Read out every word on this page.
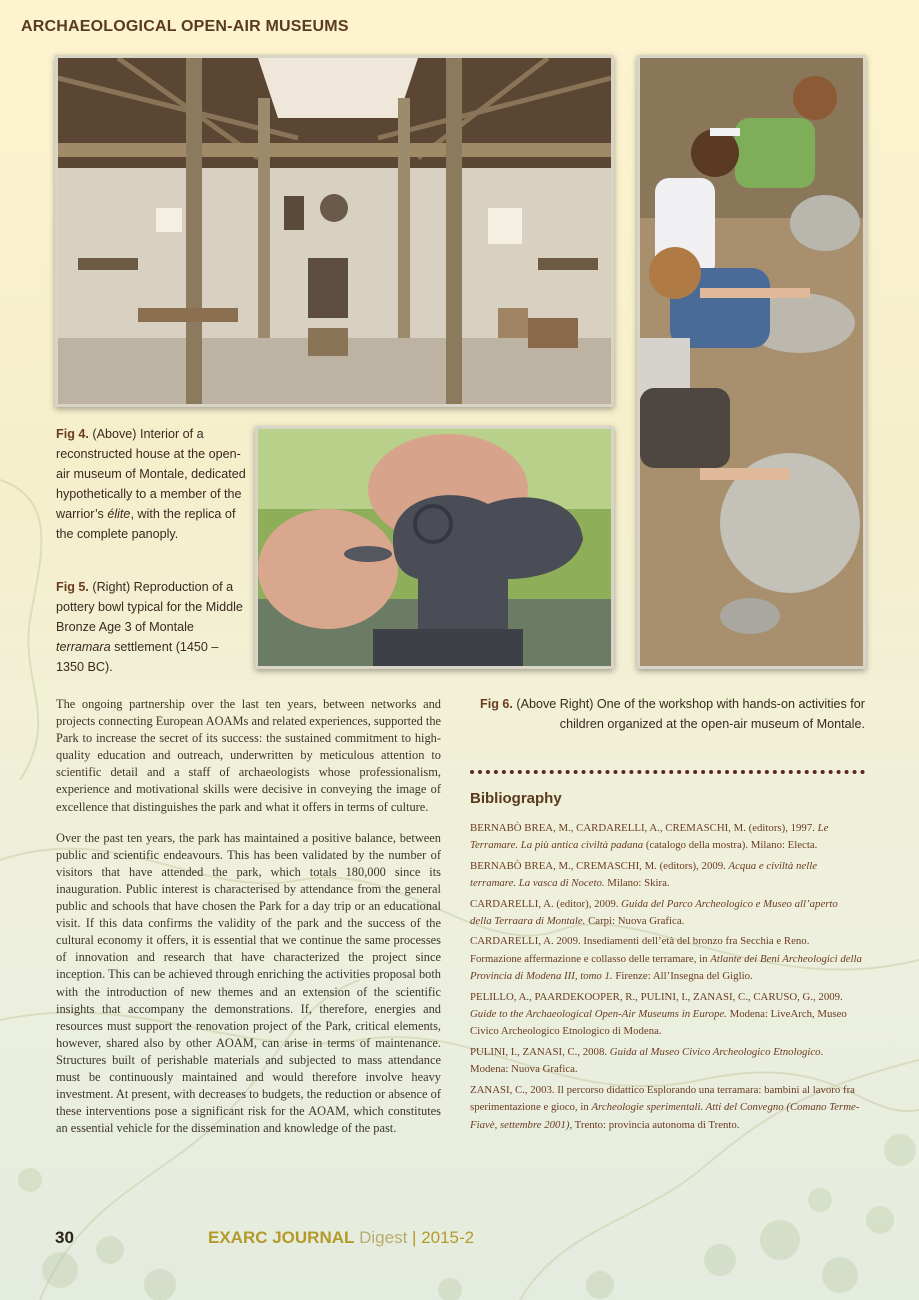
ARCHAEOLOGICAL OPEN-AIR MUSEUMS
Fig 4. (Above) Interior of a reconstructed house at the open-air museum of Montale, dedicated hypothetically to a member of the warrior’s élite, with the replica of the complete panoply.
Fig 5. (Right) Reproduction of a pottery bowl typical for the Middle Bronze Age 3 of Montale terramara settlement (1450 – 1350 BC).
Fig 6. (Above Right) One of the workshop with hands-on activities for children organized at the open-air museum of Montale.

The ongoing partnership over the last ten years, between networks and projects connecting European AOAMs and related experiences, supported the Park to increase the secret of its success: the sustained commitment to high-quality education and outreach, underwritten by meticulous attention to scientific detail and a staff of archaeologists whose professionalism, experience and motivational skills were decisive in conveying the image of excellence that distinguishes the park and what it offers in terms of culture.

Over the past ten years, the park has maintained a positive balance, between public and scientific endeavours. This has been validated by the number of visitors that have attended the park, which totals 180,000 since its inauguration. Public interest is characterised by attendance from the general public and schools that have chosen the Park for a day trip or an educational visit. If this data confirms the validity of the park and the success of the cultural economy it offers, it is essential that we continue the same processes of innovation and research that have characterized the project since inception. This can be achieved through enriching the activities proposal both with the introduction of new themes and an extension of the scientific insights that accompany the demonstrations. If, therefore, energies and resources must support the renovation project of the Park, critical elements, however, shared also by other AOAM, can arise in terms of maintenance. Structures built of perishable materials and subjected to mass attendance must be continuously maintained and would therefore involve heavy investment. At present, with decreases to budgets, the reduction or absence of these interventions pose a significant risk for the AOAM, which constitutes an essential vehicle for the dissemination and knowledge of the past.

Bibliography

BERNABÒ BREA, M., CARDARELLI, A., CREMASCHI, M. (editors), 1997. Le Terramare. La più antica civiltà padana (catalogo della mostra). Milano: Electa.

BERNABÒ BREA, M., CREMASCHI, M. (editors), 2009. Acqua e civiltà nelle terramare. La vasca di Noceto. Milano: Skira.

CARDARELLI, A. (editor), 2009. Guida del Parco Archeologico e Museo all’aperto della Terraara di Montale. Carpi: Nuova Grafica.

CARDARELLI, A. 2009. Insediamenti dell’età del bronzo fra Secchia e Reno. Formazione affermazione e collasso delle terramare, in Atlante dei Beni Archeologici della Provincia di Modena III, tomo 1. Firenze: All’Insegna del Giglio.

PELILLO, A., PAARDEKOOPER, R., PULINI, I., ZANASI, C., CARUSO, G., 2009. Guide to the Archaeological Open-Air Museums in Europe. Modena: LiveArch, Museo Civico Archeologico Etnologico di Modena.

PULINI, I., ZANASI, C., 2008. Guida al Museo Civico Archeologico Etnologico. Modena: Nuova Grafica.

ZANASI, C., 2003. Il percorso didattico Esplorando una terramara: bambini al lavoro fra sperimentazione e gioco, in Archeologie sperimentali. Atti del Convegno (Comano Terme-Fiavè, settembre 2001), Trento: provincia autonoma di Trento.

30	EXARC JOURNAL Digest | 2015-2
